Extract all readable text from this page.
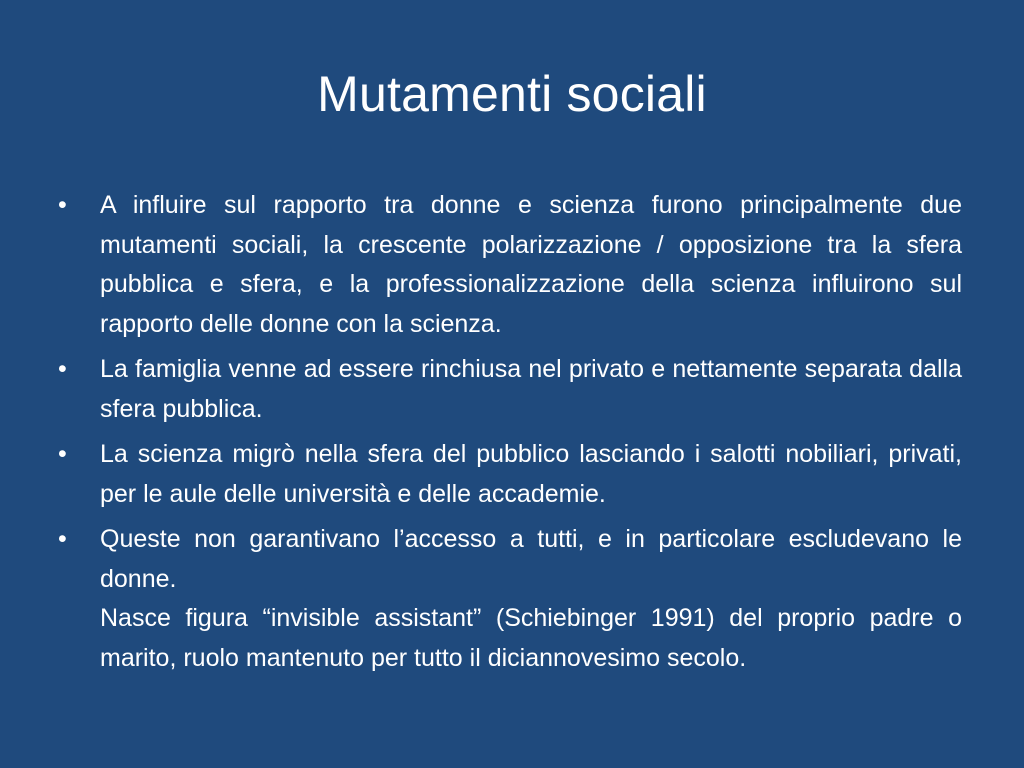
Mutamenti sociali
•	A influire sul rapporto tra donne e scienza furono principalmente due mutamenti sociali, la crescente polarizzazione / opposizione tra la sfera pubblica e sfera, e la professionalizzazione della scienza influirono sul rapporto delle donne con la scienza.
•	La famiglia venne ad essere rinchiusa nel privato e nettamente separata dalla sfera pubblica.
•	La scienza migrò nella sfera del pubblico lasciando i salotti nobiliari, privati, per le aule delle università e delle accademie.
•	Queste non garantivano l’accesso a tutti, e in particolare escludevano le donne.
Nasce figura “invisible assistant” (Schiebinger 1991) del proprio padre o marito, ruolo mantenuto per tutto il diciannovesimo secolo.
